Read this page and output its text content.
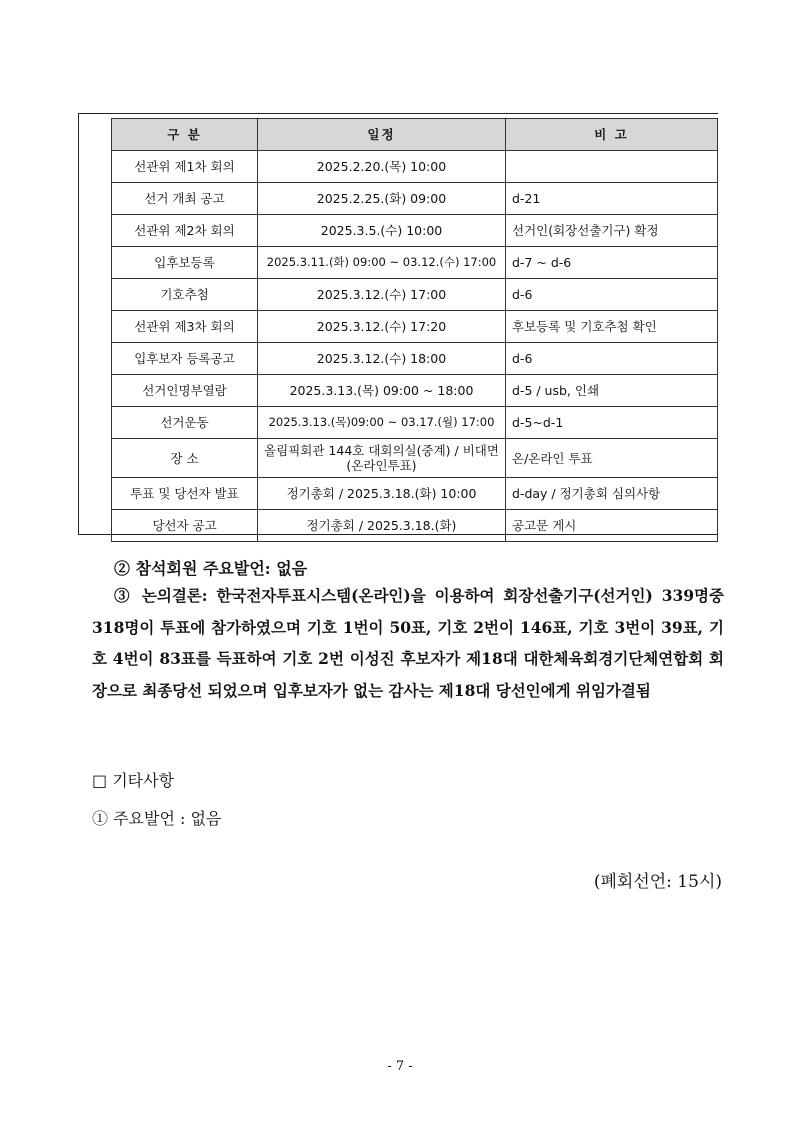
구 분	일정	비 고
선관위 제1차 회의	2025.2.20.(목) 10:00	
선거 개최 공고	2025.2.25.(화) 09:00	d-21
선관위 제2차 회의	2025.3.5.(수) 10:00	선거인(회장선출기구) 확정
입후보등록	2025.3.11.(화) 09:00 ~ 03.12.(수) 17:00	d-7 ~ d-6
기호추첨	2025.3.12.(수) 17:00	d-6
선관위 제3차 회의	2025.3.12.(수) 17:20	후보등록 및 기호추첨 확인
입후보자 등록공고	2025.3.12.(수) 18:00	d-6
선거인명부열람	2025.3.13.(목) 09:00 ~ 18:00	d-5 / usb, 인쇄
선거운동	2025.3.13.(목)09:00 ~ 03.17.(월) 17:00	d-5~d-1
장 소	올림픽회관 144호 대회의실(중계) / 비대면(온라인투표)	온/온라인 투표
투표 및 당선자 발표	정기총회 / 2025.3.18.(화) 10:00	d-day / 정기총회 심의사항
당선자 공고	정기총회 / 2025.3.18.(화)	공고문 게시
② 참석회원 주요발언: 없음
③ 논의결론: 한국전자투표시스템(온라인)을 이용하여 회장선출기구(선거인) 339명중 318명이 투표에 참가하였으며 기호 1번이 50표, 기호 2번이 146표, 기호 3번이 39표, 기호 4번이 83표를 득표하여 기호 2번 이성진 후보자가 제18대 대한체육회경기단체연합회 회장으로 최종당선 되었으며 입후보자가 없는 감사는 제18대 당선인에게 위임가결됨
□ 기타사항
① 주요발언 : 없음
(폐회선언: 15시)
- 7 -
